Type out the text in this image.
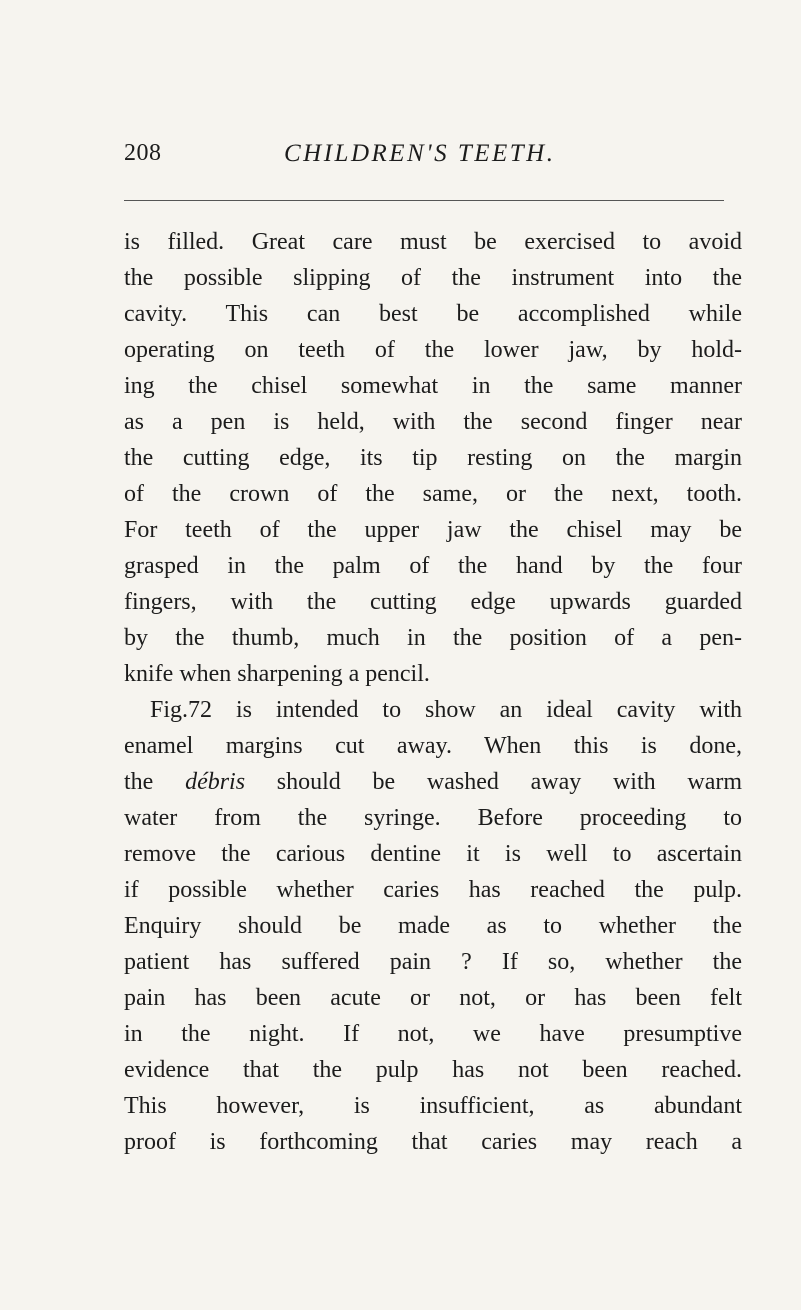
208	CHILDREN'S TEETH.
is filled. Great care must be exercised to avoid
the possible slipping of the instrument into the
cavity. This can best be accomplished while
operating on teeth of the lower jaw, by hold-
ing the chisel somewhat in the same manner
as a pen is held, with the second finger near
the cutting edge, its tip resting on the margin
of the crown of the same, or the next, tooth.
For teeth of the upper jaw the chisel may be
grasped in the palm of the hand by the four
fingers, with the cutting edge upwards guarded
by the thumb, much in the position of a pen-
knife when sharpening a pencil.
Fig.72 is intended to show an ideal cavity with
enamel margins cut away. When this is done,
the débris should be washed away with warm
water from the syringe. Before proceeding to
remove the carious dentine it is well to ascertain
if possible whether caries has reached the pulp.
Enquiry should be made as to whether the
patient has suffered pain ? If so, whether the
pain has been acute or not, or has been felt
in the night. If not, we have presumptive
evidence that the pulp has not been reached.
This however, is insufficient, as abundant
proof is forthcoming that caries may reach a
